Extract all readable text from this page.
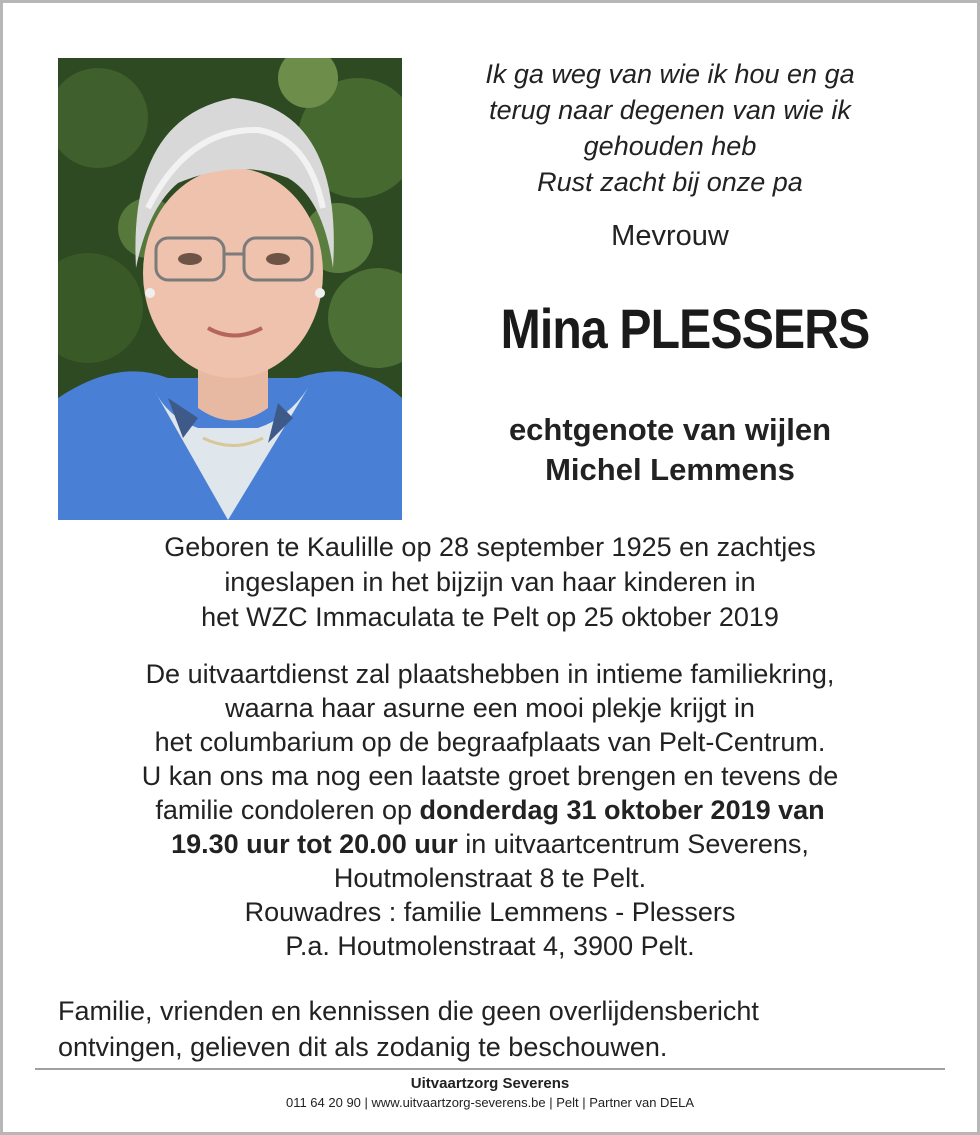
Ik ga weg van wie ik hou en ga
terug naar degenen van wie ik
gehouden heb
Rust zacht bij onze pa
Mevrouw
Mina PLESSERS
echtgenote van wijlen
Michel Lemmens
Geboren te Kaulille op 28 september 1925 en zachtjes
ingeslapen in het bijzijn van haar kinderen in
het WZC Immaculata te Pelt op 25 oktober 2019
De uitvaartdienst zal plaatshebben in intieme familiekring,
waarna haar asurne een mooi plekje krijgt in
het columbarium op de begraafplaats van Pelt-Centrum.
U kan ons ma nog een laatste groet brengen en tevens de
familie condoleren op donderdag 31 oktober 2019 van
19.30 uur tot 20.00 uur in uitvaartcentrum Severens,
Houtmolenstraat 8 te Pelt.
Rouwadres : familie Lemmens - Plessers
P.a. Houtmolenstraat 4, 3900 Pelt.
Familie, vrienden en kennissen die geen overlijdensbericht
ontvingen, gelieven dit als zodanig te beschouwen.
Uitvaartzorg Severens
011 64 20 90 | www.uitvaartzorg-severens.be | Pelt | Partner van DELA
